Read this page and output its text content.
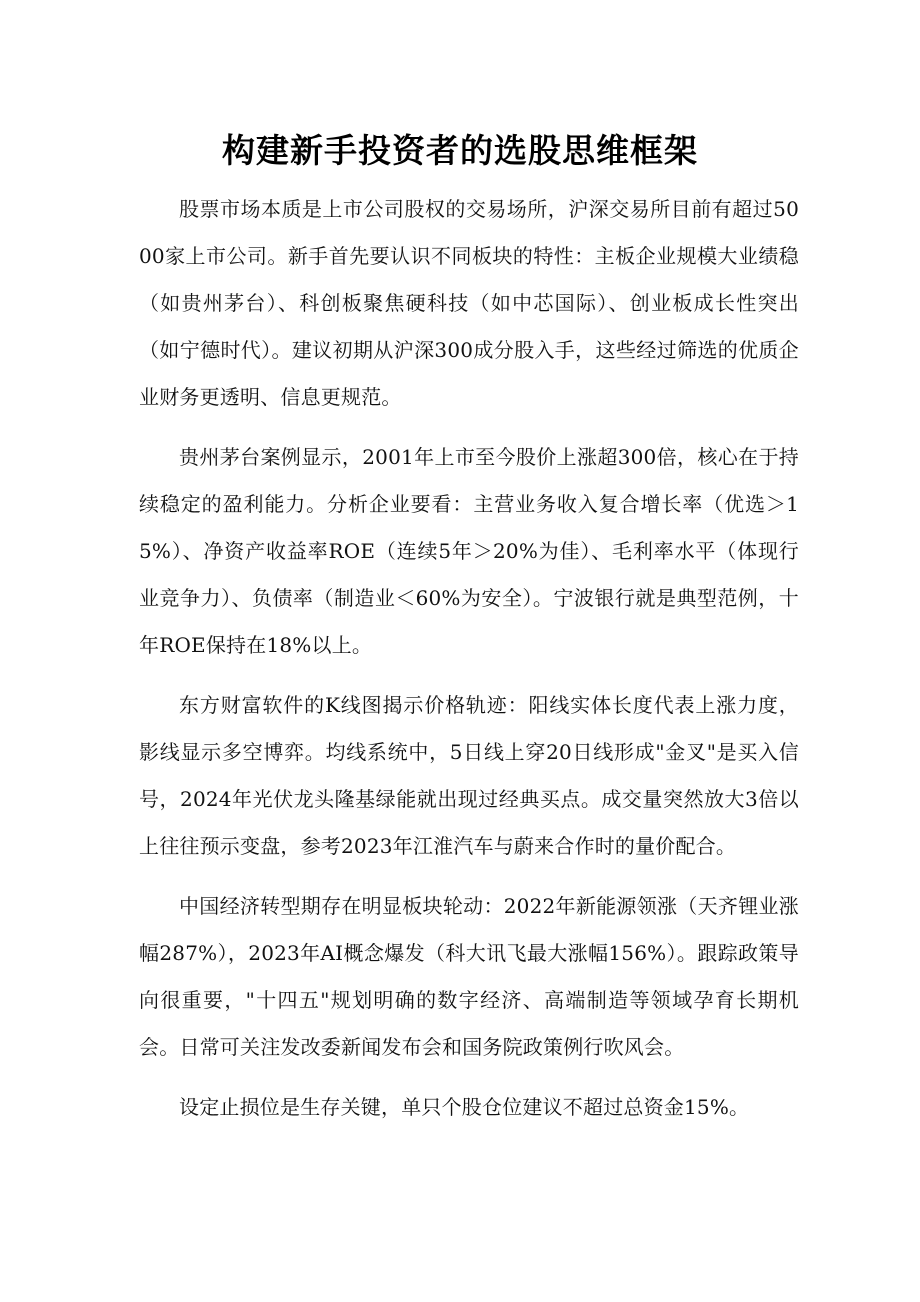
构建新手投资者的选股思维框架

股票市场本质是上市公司股权的交易场所，沪深交易所目前有超过5000家上市公司。新手首先要认识不同板块的特性：主板企业规模大业绩稳（如贵州茅台）、科创板聚焦硬科技（如中芯国际）、创业板成长性突出（如宁德时代）。建议初期从沪深300成分股入手，这些经过筛选的优质企业财务更透明、信息更规范。

贵州茅台案例显示，2001年上市至今股价上涨超300倍，核心在于持续稳定的盈利能力。分析企业要看：主营业务收入复合增长率（优选＞15%）、净资产收益率ROE（连续5年＞20%为佳）、毛利率水平（体现行业竞争力）、负债率（制造业＜60%为安全）。宁波银行就是典型范例，十年ROE保持在18%以上。

东方财富软件的K线图揭示价格轨迹：阳线实体长度代表上涨力度，影线显示多空博弈。均线系统中，5日线上穿20日线形成"金叉"是买入信号，2024年光伏龙头隆基绿能就出现过经典买点。成交量突然放大3倍以上往往预示变盘，参考2023年江淮汽车与蔚来合作时的量价配合。

中国经济转型期存在明显板块轮动：2022年新能源领涨（天齐锂业涨幅287%），2023年AI概念爆发（科大讯飞最大涨幅156%）。跟踪政策导向很重要，"十四五"规划明确的数字经济、高端制造等领域孕育长期机会。日常可关注发改委新闻发布会和国务院政策例行吹风会。

设定止损位是生存关键，单只个股仓位建议不超过总资金15%。
